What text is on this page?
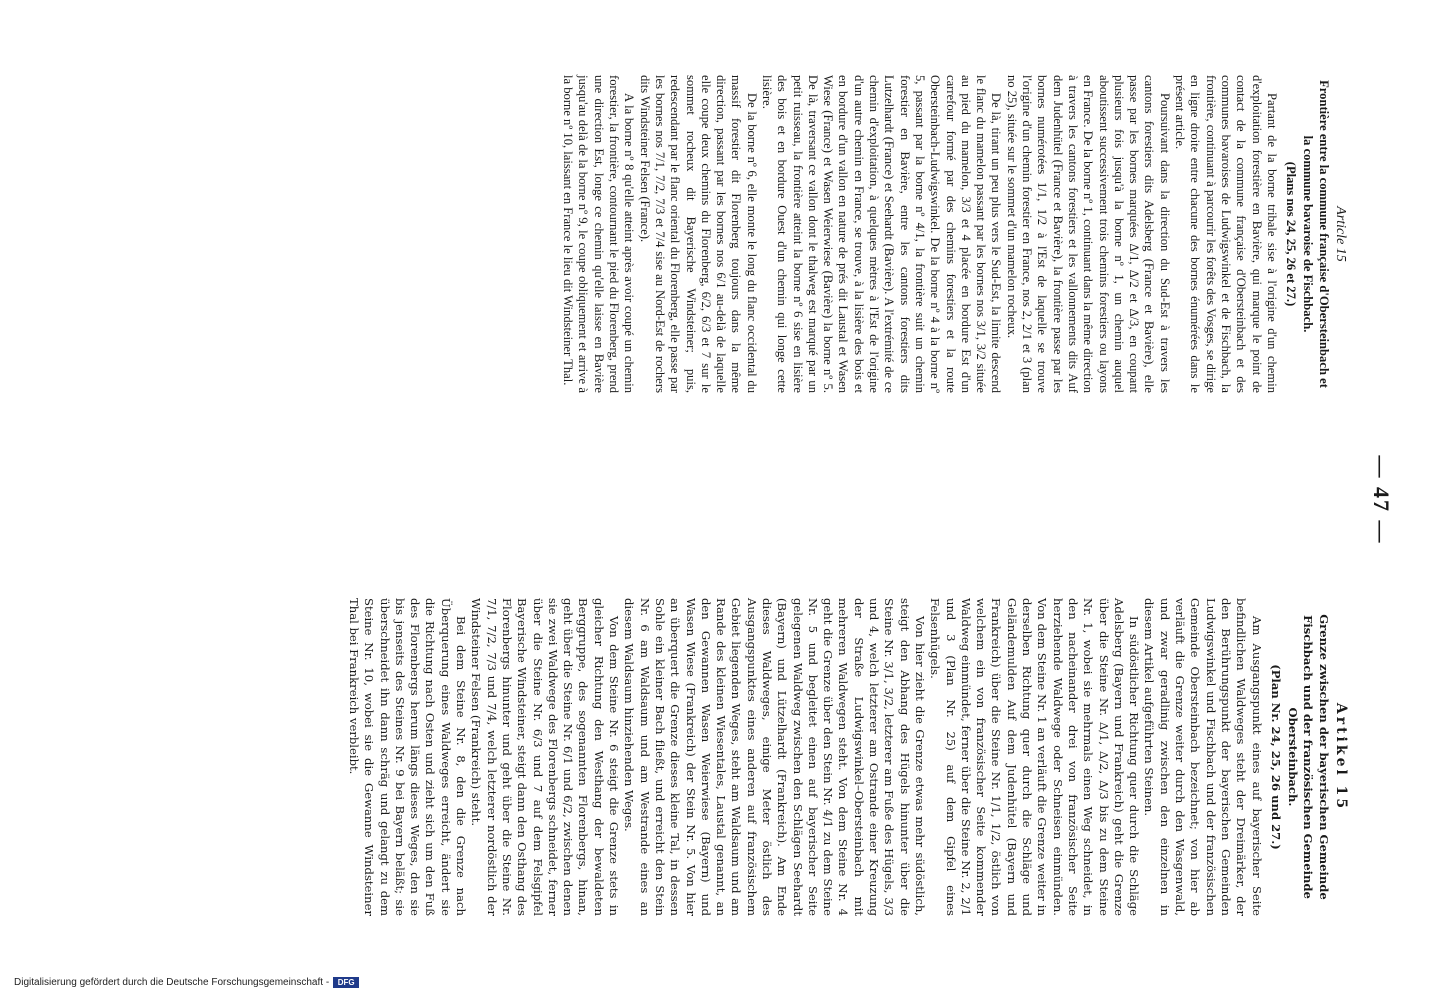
— 47 —

Article 15

Frontière entre la commune française d'Obersteinbach et la commune bavaroise de Fischbach.

(Plans nos 24, 25, 26 et 27.)

Partant de la borne tribale sise à l'origine d'un chemin d'exploitation forestière en Bavière, qui marque le point de contact de la commune française d'Obersteinbach et des communes bavaroises de Ludwigswinkel et de Fischbach, la frontière, continuant à parcourir les forêts des Vosges, se dirige en ligne droite entre chacune des bornes énumérées dans le présent article.

Poursuivant dans la direction du Sud-Est à travers les cantons forestiers dits Adelsberg (France et Bavière), elle passe par les bornes marquées Δ/1, Δ/2 et Δ/3, en coupant plusieurs fois jusqu'à la borne nº 1, un chemin auquel aboutissent successivement trois chemins forestiers ou layons en France. De la borne nº 1, continuant dans la même direction à travers les cantons forestiers et les vallonnements dits Auf dem Judenhütel (France et Bavière), la frontière passe par les bornes numérotées 1/1, 1/2 à l'Est de laquelle se trouve l'origine d'un chemin forestier en France, nos 2, 2/1 et 3 (plan no 25), située sur le sommet d'un mamelon rocheux.

De là, tirant un peu plus vers le Sud-Est, la limite descend le flanc du mamelon passant par les bornes nos 3/1, 3/2 située au pied du mamelon, 3/3 et 4 placée en bordure Est d'un carrefour formé par des chemins forestiers et la route Obersteinbach-Ludwigswinkel. De la borne nº 4 à la borne nº 5, passant par la borne nº 4/1, la frontière suit un chemin forestier en Bavière, entre les cantons forestiers dits Lutzelhardt (France) et Seehardt (Bavière). A l'extrémité de ce chemin d'exploitation, à quelques mètres à l'Est de l'origine d'un autre chemin en France, se trouve, à la lisière des bois et en bordure d'un vallon en nature de prés dit Laustal et Wasen Wiese (France) et Wasen Weierwiese (Bavière) la borne nº 5. De là, traversant ce vallon dont le thalweg est marqué par un petit ruisseau, la frontière atteint la borne nº 6 sise en lisière des bois et en bordure Ouest d'un chemin qui longe cette lisière.

De la borne nº 6, elle monte le long du flanc occidental du massif forestier dit Florenberg toujours dans la même direction, passant par les bornes nos 6/1 au-delà de laquelle elle coupe deux chemins du Florenberg, 6/2, 6/3 et 7 sur le sommet rocheux dit Bayerische Windsteiner; puis, redescendant par le flanc oriental du Florenberg, elle passe par les bornes nos 7/1, 7/2, 7/3 et 7/4 sise au Nord-Est de rochers dits Windsteiner Felsen (France).

A la borne nº 8 qu'elle atteint après avoir coupé un chemin forestier, la frontière, contournant le pied du Florenberg, prend une direction Est, longe ce chemin qu'elle laisse en Bavière jusqu'au delà de la borne nº 9, le coupe obliquement et arrive à la borne nº 10, laissant en France le lieu dit Windsteiner Thal.

Artikel 15

Grenze zwischen der bayerischen Gemeinde Fischbach und der französischen Gemeinde Obersteinbach.

(Plan Nr. 24, 25, 26 und 27.)

Am Ausgangspunkt eines auf bayerischer Seite befindlichen Waldweges steht der Dreimärker, der den Berührungspunkt der bayerischen Gemeinden Ludwigswinkel und Fischbach und der französischen Gemeinde Obersteinbach bezeichnet; von hier ab verläuft die Grenze weiter durch den Wasgenwald, und zwar geradlinig zwischen den einzelnen in diesem Artikel aufgeführten Steinen.

In südöstlicher Richtung quer durch die Schläge Adelsberg (Bayern und Frankreich) geht die Grenze über die Steine Nr. Δ/1, Δ/2, Δ/3 bis zu dem Steine Nr. 1, wobei sie mehrmals einen Weg schneidet, in den nacheinander drei von französischer Seite herziehende Waldwege oder Schneisen einmünden. Von dem Steine Nr. 1 an verläuft die Grenze weiter in derselben Richtung quer durch die Schläge und Geländemulden Auf dem Judenhütel (Bayern und Frankreich) über die Steine Nr. 1/1, 1/2, östlich von welchem ein von französischer Seite kommender Waldweg einmündet, ferner über die Steine Nr. 2, 2/1 und 3 (Plan Nr. 25) auf dem Gipfel eines Felsenhügels.

Von hier zieht die Grenze etwas mehr südöstlich, steigt den Abhang des Hügels hinunter über die Steine Nr. 3/1, 3/2, letzterer am Fuße des Hügels, 3/3 und 4, welch letzterer am Ostrande einer Kreuzung der Straße Ludwigswinkel–Obersteinbach mit mehreren Waldwegen steht. Von dem Steine Nr. 4 geht die Grenze über den Stein Nr. 4/1 zu dem Steine Nr. 5 und begleitet einen auf bayerischer Seite gelegenen Waldweg zwischen den Schlägen Seehardt (Bayern) und Lützelhardt (Frankreich). Am Ende dieses Waldweges, einige Meter östlich des Ausgangspunktes eines anderen auf französischem Gebiet liegenden Weges, steht am Waldsaum und am Rande des kleinen Wiesentales, Laustal genannt, an den Gewannen Wasen Weierwiese (Bayern) und Wasen Wiese (Frankreich) der Stein Nr. 5. Von hier an überquert die Grenze dieses kleine Tal, in dessen Sohle ein kleiner Bach fließt, und erreicht den Stein Nr. 6 am Waldsaum und am Westrande eines an diesem Waldsaum hinziehenden Weges.

Von dem Steine Nr. 6 steigt die Grenze stets in gleicher Richtung den Westhang der bewaldeten Berggruppe, des sogenannten Florenbergs, hinan, geht über die Steine Nr. 6/1 und 6/2, zwischen denen sie zwei Waldwege des Florenbergs schneidet, ferner über die Steine Nr. 6/3 und 7 auf dem Felsgipfel Bayerische Windsteiner, steigt dann den Osthang des Florenbergs hinunter und geht über die Steine Nr. 7/1, 7/2, 7/3 und 7/4, welch letzterer nordöstlich der Windsteiner Felsen (Frankreich) steht.

Bei dem Steine Nr. 8, den die Grenze nach Überquerung eines Waldweges erreicht, ändert sie die Richtung nach Osten und zieht sich um den Fuß des Florenbergs herum längs dieses Weges, den sie bis jenseits des Steines Nr. 9 bei Bayern beläßt; sie überschneidet ihn dann schräg und gelangt zu dem Steine Nr. 10, wobei sie die Gewanne Windsteiner Thal bei Frankreich verbleibt.

Digitalisierung gefördert durch die Deutsche Forschungsgemeinschaft -	DFG
